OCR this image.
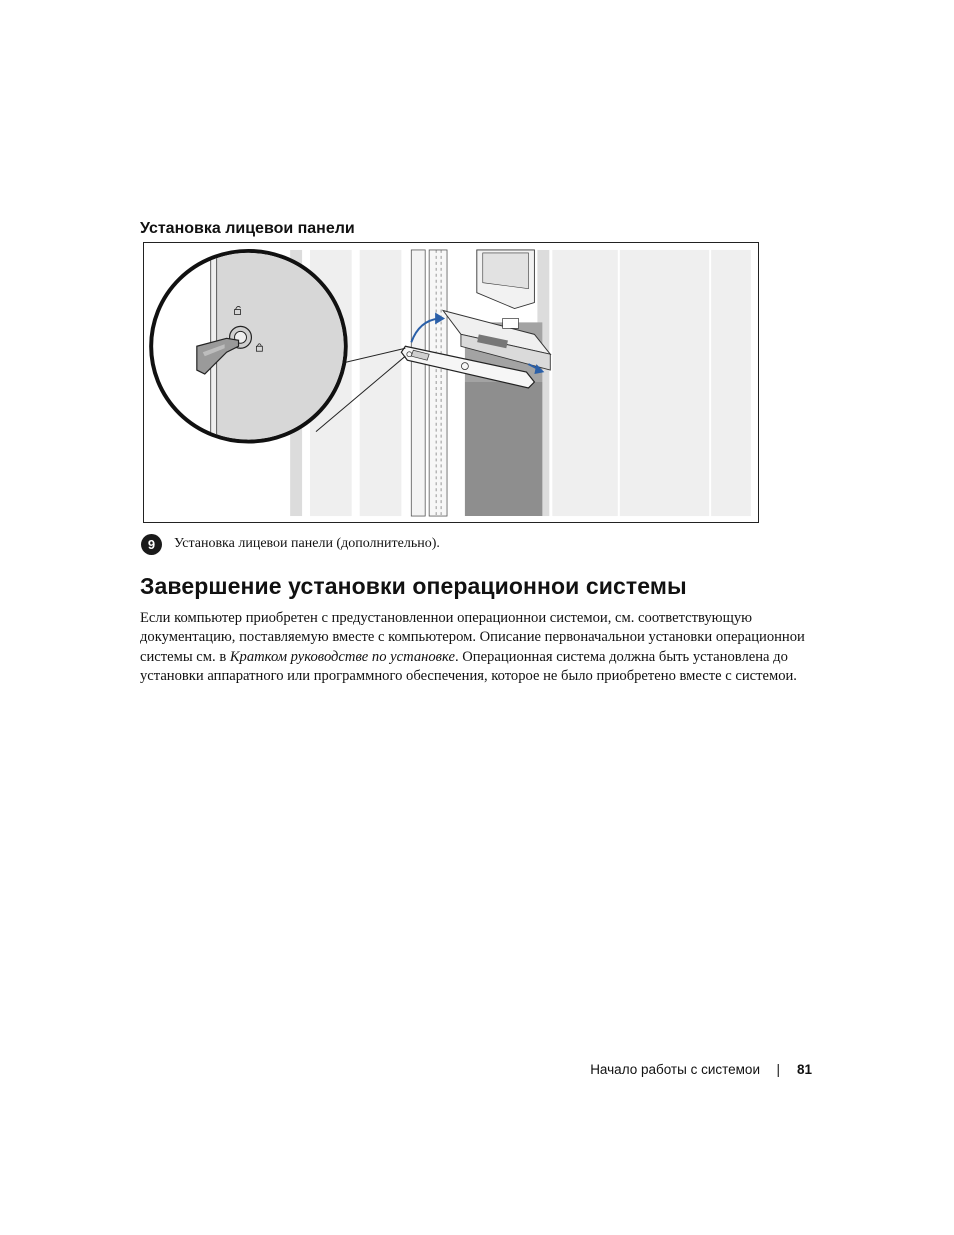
Установка лицевои панели
9	Установка лицевои панели (дополнительно).
Завершение установки операционнои системы

Если компьютер приобретен с предустановленнои операционнои системои, см. соответствующую документацию, поставляемую вместе с компьютером. Описание первоначальнои установки операционнои системы см. в Кратком руководстве по установке. Операционная система должна быть установлена до установки аппаратного или программного обеспечения, которое не было приобретено вместе с системои.

Начало работы с системои | 81
